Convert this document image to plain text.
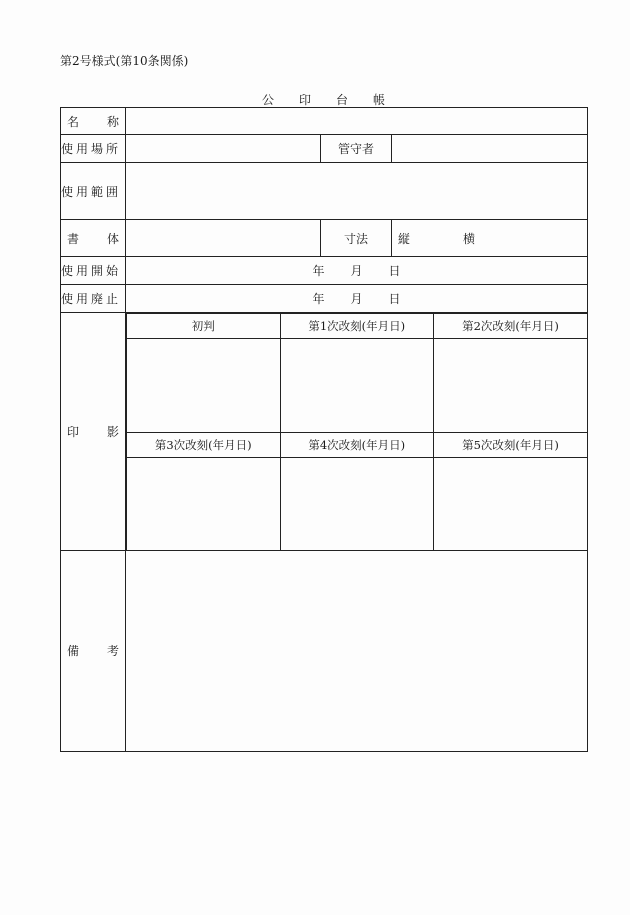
第2号様式(第10条関係)
公	印	台	帳
名 称

使用場所		管守者	
使用範囲	

書 体		寸法	縦	横

使用開始	年 月 日

使用廃止	年 月 日

印 影

初判	第1次改刻(年月日)	第2次改刻(年月日)

第3次改刻(年月日)	第4次改刻(年月日)	第5次改刻(年月日)

備 考
